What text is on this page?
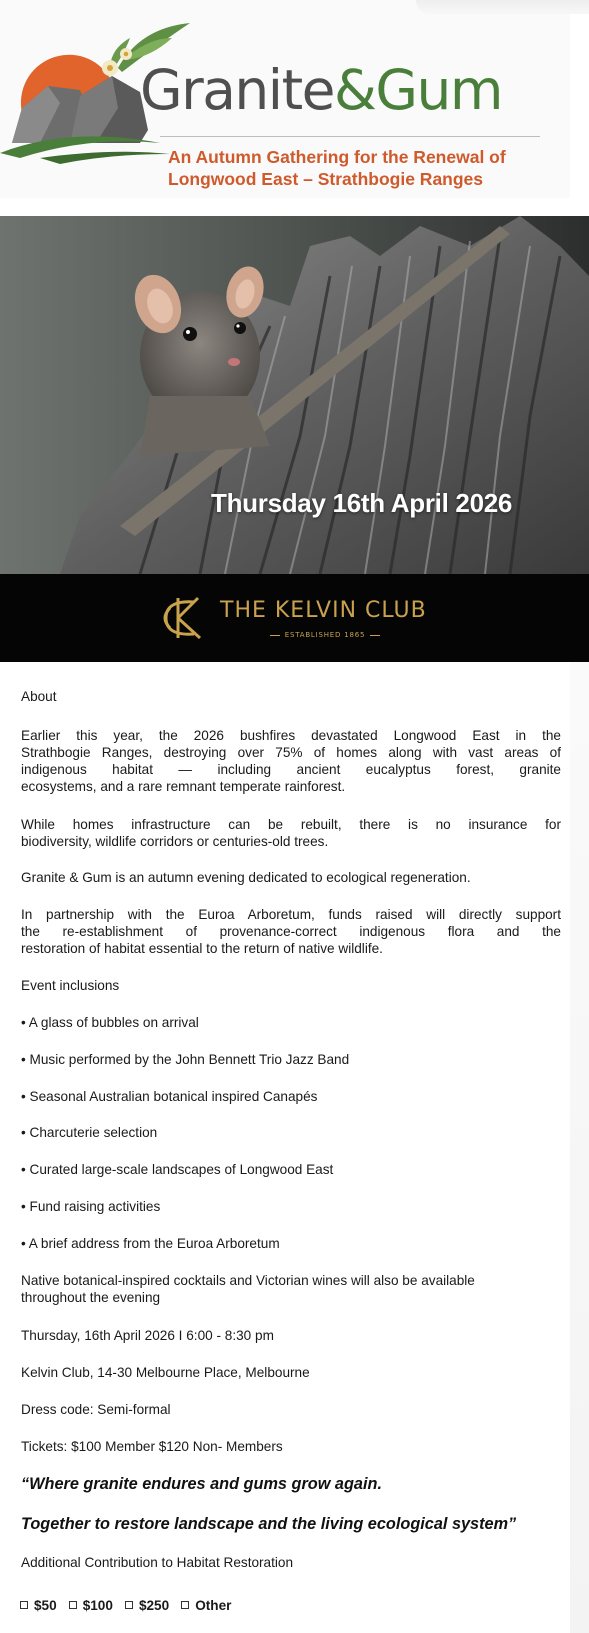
Granite&Gum
An Autumn Gathering for the Renewal of
Longwood East – Strathbogie Ranges
Thursday 16th April 2026
THE KELVIN CLUB
ESTABLISHED 1865
About
Earlier this year, the 2026 bushfires devastated Longwood East in the
Strathbogie Ranges, destroying over 75% of homes along with vast areas of
indigenous habitat — including ancient eucalyptus forest, granite
ecosystems, and a rare remnant temperate rainforest.
While homes infrastructure can be rebuilt, there is no insurance for
biodiversity, wildlife corridors or centuries-old trees.
Granite & Gum is an autumn evening dedicated to ecological regeneration.
In partnership with the Euroa Arboretum, funds raised will directly support
the re-establishment of provenance-correct indigenous flora and the
restoration of habitat essential to the return of native wildlife.
Event inclusions
• A glass of bubbles on arrival
• Music performed by the John Bennett Trio Jazz Band
• Seasonal Australian botanical inspired Canapés
• Charcuterie selection
• Curated large-scale landscapes of Longwood East
• Fund raising activities
• A brief address from the Euroa Arboretum
Native botanical-inspired cocktails and Victorian wines will also be available
throughout the evening
Thursday, 16th April 2026 I 6:00 - 8:30 pm
Kelvin Club, 14-30 Melbourne Place, Melbourne
Dress code: Semi-formal
Tickets: $100 Member $120 Non- Members
“Where granite endures and gums grow again.
Together to restore landscape and the living ecological system”
Additional Contribution to Habitat Restoration
$50 $100 $250 Other
